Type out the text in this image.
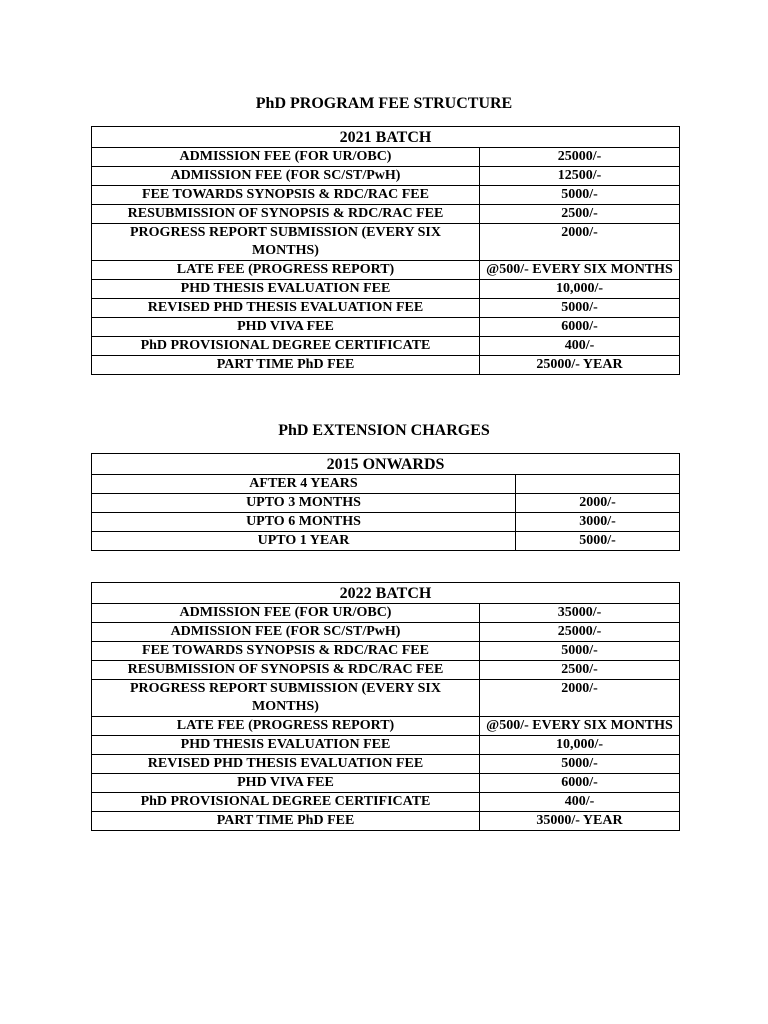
PhD PROGRAM FEE STRUCTURE
2021 BATCH	
ADMISSION FEE (FOR UR/OBC)	25000/-
ADMISSION FEE (FOR SC/ST/PwH)	12500/-
FEE TOWARDS SYNOPSIS & RDC/RAC FEE	5000/-
RESUBMISSION OF SYNOPSIS & RDC/RAC FEE	2500/-
PROGRESS REPORT SUBMISSION (EVERY SIX MONTHS)	2000/-
LATE FEE (PROGRESS REPORT)	@500/- EVERY SIX MONTHS
PHD THESIS EVALUATION FEE	10,000/-
REVISED PHD THESIS EVALUATION FEE	5000/-
PHD VIVA FEE	6000/-
PhD PROVISIONAL DEGREE CERTIFICATE	400/-
PART TIME PhD FEE	25000/- YEAR
PhD EXTENSION CHARGES
2015 ONWARDS	
AFTER 4 YEARS	
UPTO 3 MONTHS	2000/-
UPTO 6 MONTHS	3000/-
UPTO 1 YEAR	5000/-
2022 BATCH	
ADMISSION FEE (FOR UR/OBC)	35000/-
ADMISSION FEE (FOR SC/ST/PwH)	25000/-
FEE TOWARDS SYNOPSIS & RDC/RAC FEE	5000/-
RESUBMISSION OF SYNOPSIS & RDC/RAC FEE	2500/-
PROGRESS REPORT SUBMISSION (EVERY SIX MONTHS)	2000/-
LATE FEE (PROGRESS REPORT)	@500/- EVERY SIX MONTHS
PHD THESIS EVALUATION FEE	10,000/-
REVISED PHD THESIS EVALUATION FEE	5000/-
PHD VIVA FEE	6000/-
PhD PROVISIONAL DEGREE CERTIFICATE	400/-
PART TIME PhD FEE	35000/- YEAR
